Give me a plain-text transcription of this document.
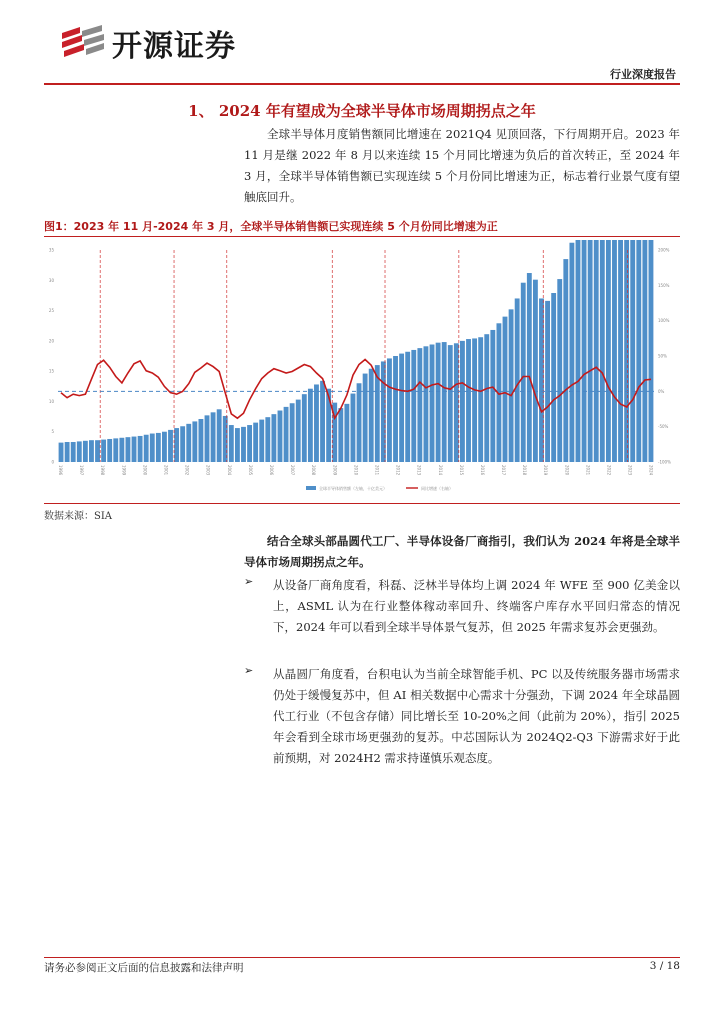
开源证券
行业深度报告
1、 2024 年有望成为全球半导体市场周期拐点之年

全球半导体月度销售额同比增速在 2021Q4 见顶回落，下行周期开启。2023 年 11 月是继 2022 年 8 月以来连续 15 个月同比增速为负后的首次转正，至 2024 年 3 月，全球半导体销售额已实现连续 5 个月份同比增速为正，标志着行业景气度有望触底回升。

图1：2023 年 11 月-2024 年 3 月，全球半导体销售额已实现连续 5 个月份同比增速为正
0
5
10
15
20
25
30
35
-100%
-50%
0%
50%
100%
150%
200%
1996	1997	1998	1999	2000	2001	2002	2003	2004	2005	2006	2007	2008	2009	2010	2011	2012	2013	2014	2015	2016	2017	2018	2019	2020	2021	2022	2023	2024
全球半导体销售额（左轴，十亿美元）	同比增速（右轴）
数据来源：SIA

结合全球头部晶圆代工厂、半导体设备厂商指引，我们认为 2024 年将是全球半导体市场周期拐点之年。

➢ 从设备厂商角度看，科磊、泛林半导体均上调 2024 年 WFE 至 900 亿美金以上，ASML 认为在行业整体稼动率回升、终端客户库存水平回归常态的情况下，2024 年可以看到全球半导体景气复苏，但 2025 年需求复苏会更强劲。

➢ 从晶圆厂角度看，台积电认为当前全球智能手机、PC 以及传统服务器市场需求仍处于缓慢复苏中，但 AI 相关数据中心需求十分强劲，下调 2024 年全球晶圆代工行业（不包含存储）同比增长至 10-20%之间（此前为 20%），指引 2025 年会看到全球市场更强劲的复苏。中芯国际认为 2024Q2-Q3 下游需求好于此前预期，对 2024H2 需求持谨慎乐观态度。

请务必参阅正文后面的信息披露和法律声明	3 / 18
